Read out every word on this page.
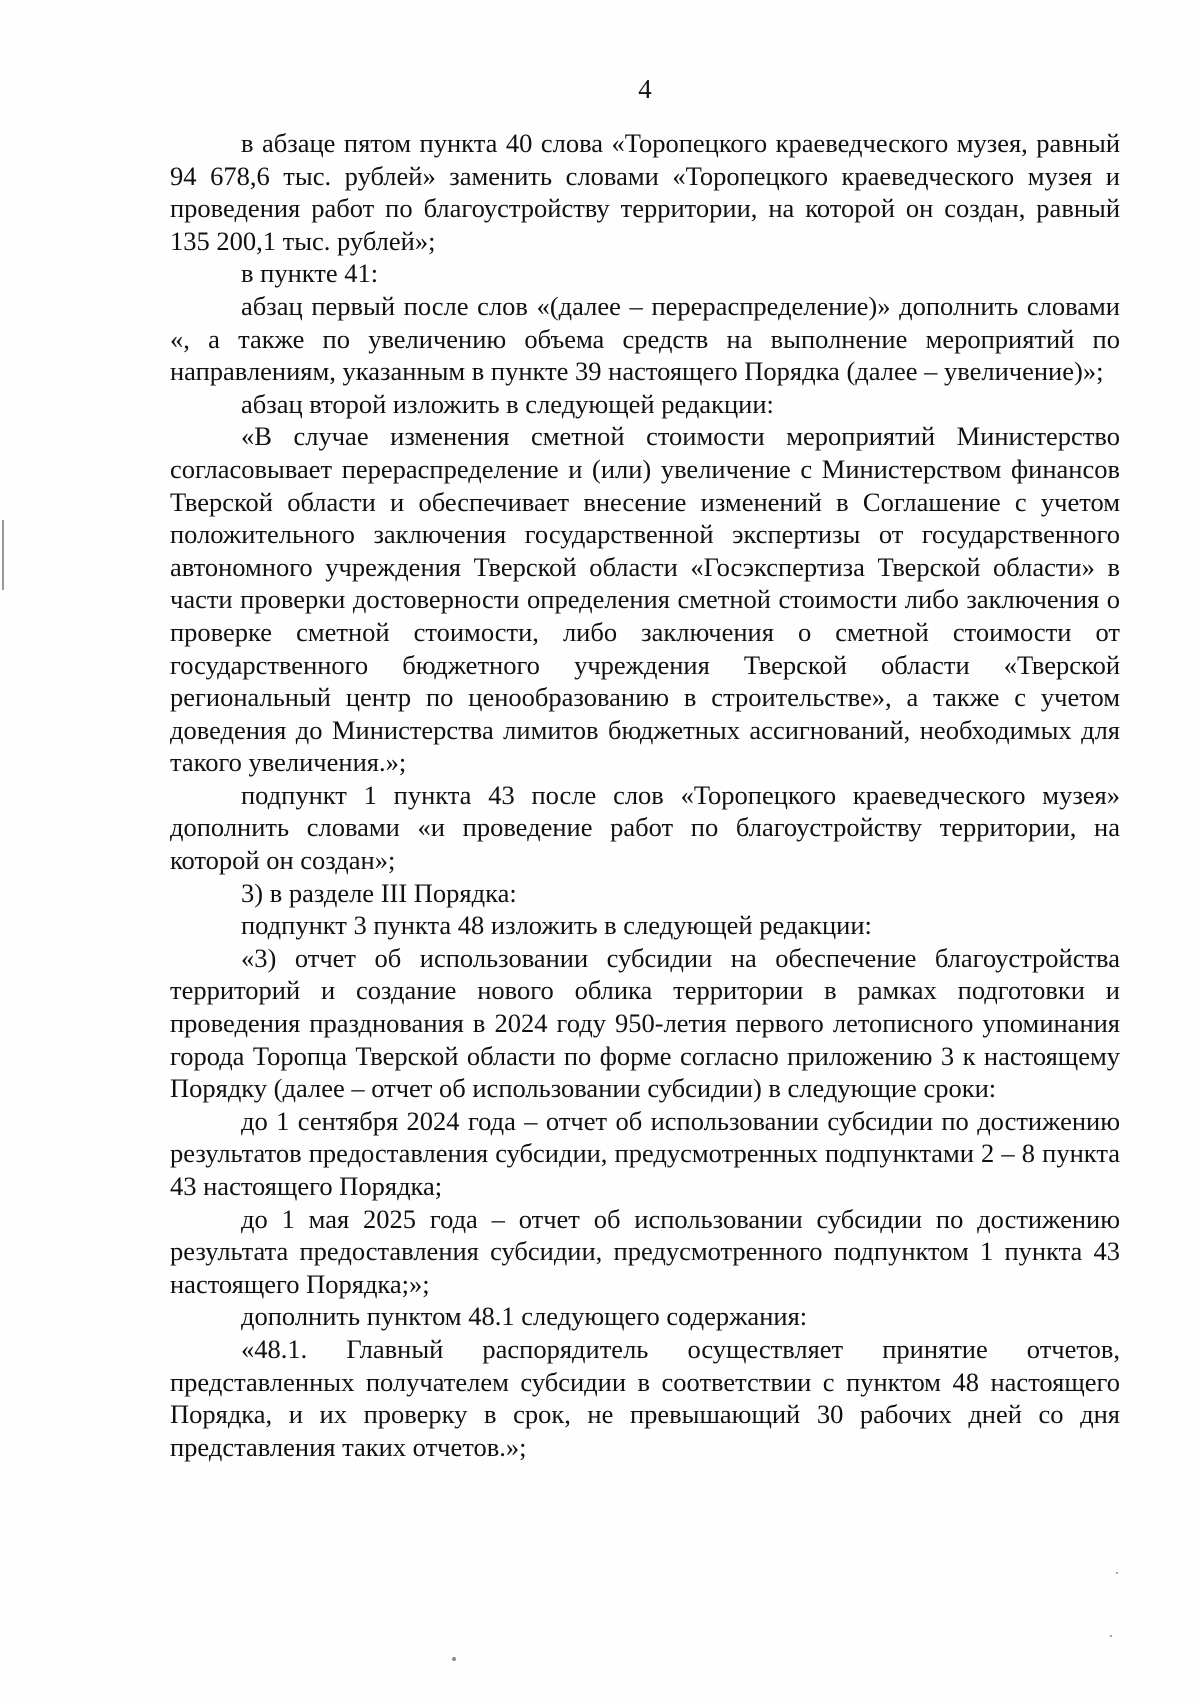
4

в абзаце пятом пункта 40 слова «Торопецкого краеведческого музея, равный 94 678,6 тыс. рублей» заменить словами «Торопецкого краеведческого музея и проведения работ по благоустройству территории, на которой он создан, равный 135 200,1 тыс. рублей»;

в пункте 41:

абзац первый после слов «(далее – перераспределение)» дополнить словами «, а также по увеличению объема средств на выполнение мероприятий по направлениям, указанным в пункте 39 настоящего Порядка (далее – увеличение)»;

абзац второй изложить в следующей редакции:

«В случае изменения сметной стоимости мероприятий Министерство согласовывает перераспределение и (или) увеличение с Министерством финансов Тверской области и обеспечивает внесение изменений в Соглашение с учетом положительного заключения государственной экспертизы от государственного автономного учреждения Тверской области «Госэкспертиза Тверской области» в части проверки достоверности определения сметной стоимости либо заключения о проверке сметной стоимости, либо заключения о сметной стоимости от государственного бюджетного учреждения Тверской области «Тверской региональный центр по ценообразованию в строительстве», а также с учетом доведения до Министерства лимитов бюджетных ассигнований, необходимых для такого увеличения.»;

подпункт 1 пункта 43 после слов «Торопецкого краеведческого музея» дополнить словами «и проведение работ по благоустройству территории, на которой он создан»;

3) в разделе III Порядка:

подпункт 3 пункта 48 изложить в следующей редакции:

«3) отчет об использовании субсидии на обеспечение благоустройства территорий и создание нового облика территории в рамках подготовки и проведения празднования в 2024 году 950-летия первого летописного упоминания города Торопца Тверской области по форме согласно приложению 3 к настоящему Порядку (далее – отчет об использовании субсидии) в следующие сроки:

до 1 сентября 2024 года – отчет об использовании субсидии по достижению результатов предоставления субсидии, предусмотренных подпунктами 2 – 8 пункта 43 настоящего Порядка;

до 1 мая 2025 года – отчет об использовании субсидии по достижению результата предоставления субсидии, предусмотренного подпунктом 1 пункта 43 настоящего Порядка;»;

дополнить пунктом 48.1 следующего содержания:

«48.1. Главный распорядитель осуществляет принятие отчетов, представленных получателем субсидии в соответствии с пунктом 48 настоящего Порядка, и их проверку в срок, не превышающий 30 рабочих дней со дня представления таких отчетов.»;
